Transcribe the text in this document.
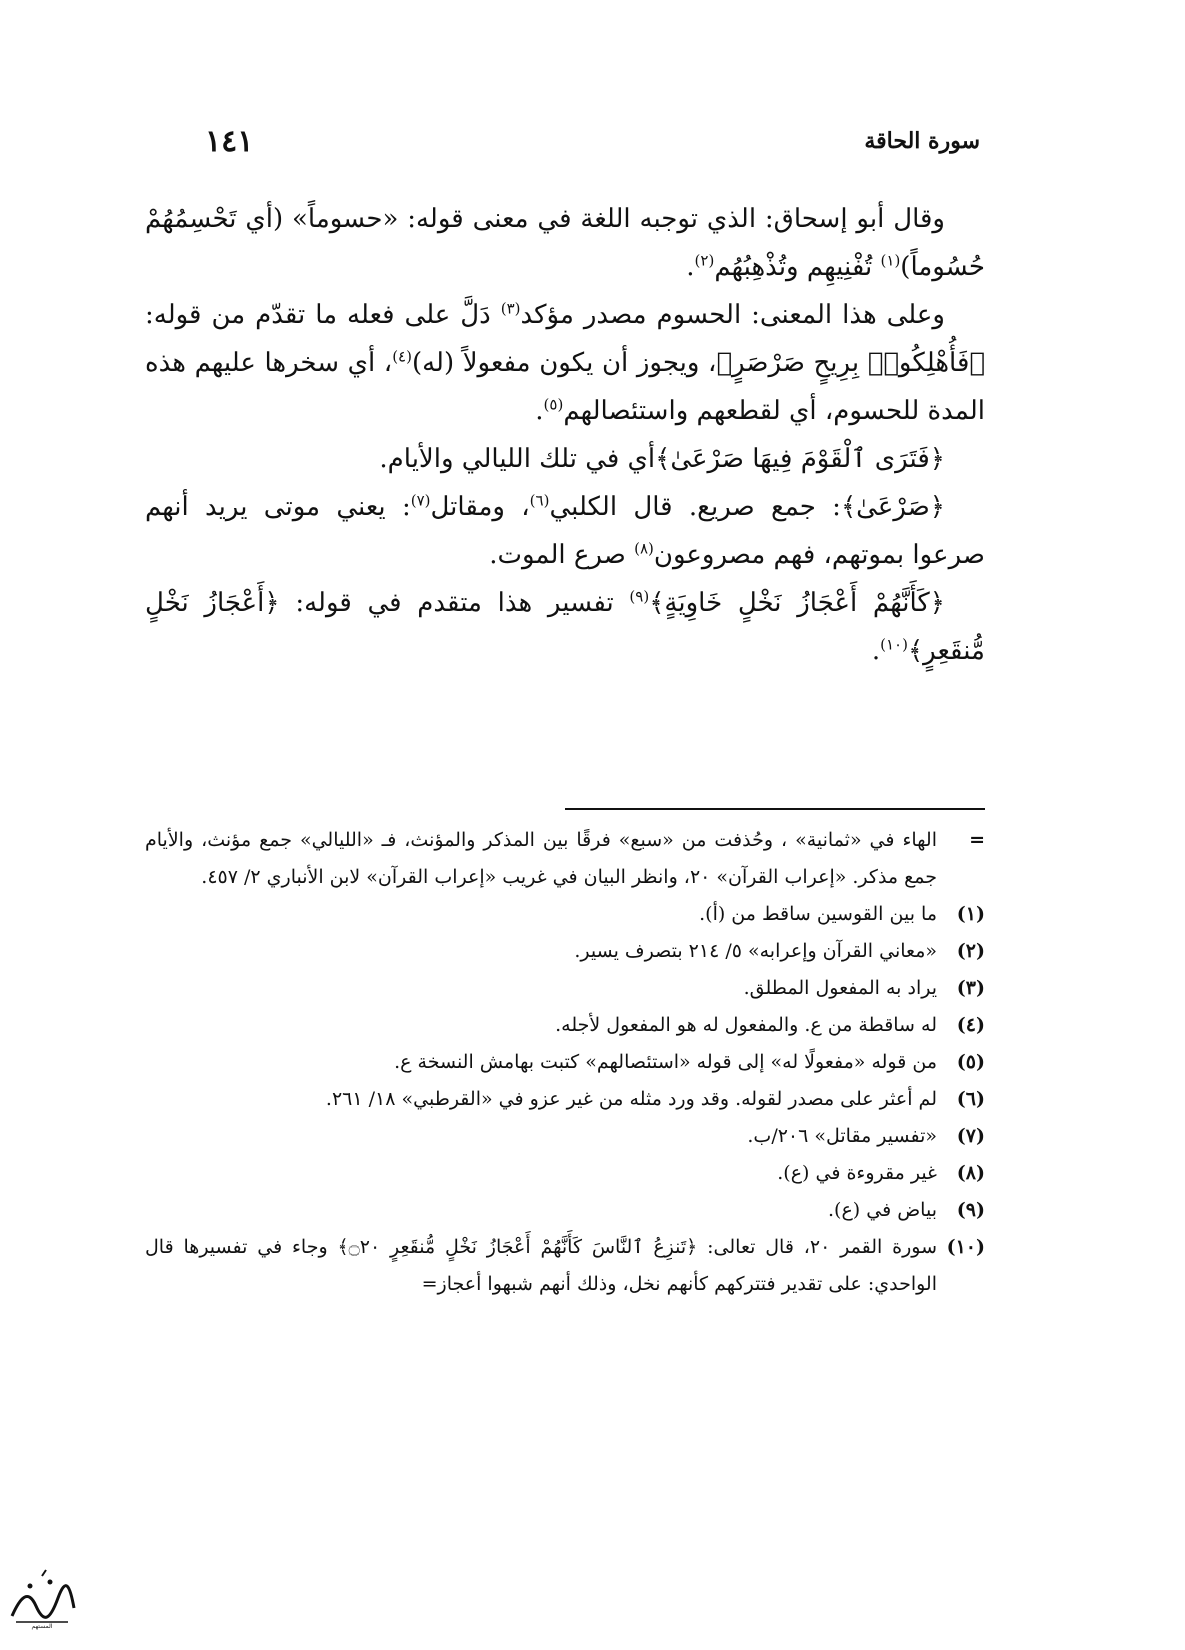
سورة الحاقة
١٤١

وقال أبو إسحاق: الذي توجبه اللغة في معنى قوله: «حسوماً» (أي تَحْسِمُهُمْ حُسُوماً)$^{(١)}$ تُفْنِيهِم وتُذْهِبُهُم$^{(٢)}$.

وعلى هذا المعنى: الحسوم مصدر مؤكد$^{(٣)}$ دَلَّ على فعله ما تقدّم من قوله: ﴿فَأُهْلِكُوا۟ بِرِيحٍ صَرْصَرٍ﴾، ويجوز أن يكون مفعولاً (له)$^{(٤)}$، أي سخرها عليهم هذه المدة للحسوم، أي لقطعهم واستئصالهم$^{(٥)}$.

﴿فَتَرَى ٱلْقَوْمَ فِيهَا صَرْعَىٰ﴾أي في تلك الليالي والأيام.

﴿صَرْعَىٰ﴾: جمع صريع. قال الكلبي$^{(٦)}$، ومقاتل$^{(٧)}$: يعني موتى يريد أنهم صرعوا بموتهم، فهم مصروعون$^{(٨)}$ صرع الموت.

﴿كَأَنَّهُمْ أَعْجَازُ نَخْلٍ خَاوِيَةٍ﴾$^{(٩)}$ تفسير هذا متقدم في قوله: ﴿أَعْجَازُ نَخْلٍ مُّنقَعِرٍ﴾$^{(١٠)}$.

=
الهاء في «ثمانية» ، وحُذفت من «سبع» فرقًا بين المذكر والمؤنث، فـ «الليالي» جمع مؤنث، والأيام جمع مذكر. «إعراب القرآن» ٢٠، وانظر البيان في غريب «إعراب القرآن» لابن الأنباري ٢/ ٤٥٧.
(١)
ما بين القوسين ساقط من (أ).
(٢)
«معاني القرآن وإعرابه» ٥/ ٢١٤ بتصرف يسير.
(٣)
يراد به المفعول المطلق.
(٤)
له ساقطة من ع. والمفعول له هو المفعول لأجله.
(٥)
من قوله «مفعولًا له» إلى قوله «استئصالهم» كتبت بهامش النسخة ع.
(٦)
لم أعثر على مصدر لقوله. وقد ورد مثله من غير عزو في «القرطبي» ١٨/ ٢٦١.
(٧)
«تفسير مقاتل» ٢٠٦/ب.
(٨)
غير مقروءة في (ع).
(٩)
بياض في (ع).
(١٠)
سورة القمر ٢٠، قال تعالى: ﴿تَنزِعُ ٱلنَّاسَ كَأَنَّهُمْ أَعْجَازُ نَخْلٍ مُّنقَعِرٍ ۝٢٠﴾ وجاء في تفسيرها قال الواحدي: على تقدير فتتركهم كأنهم نخل، وذلك أنهم شبهوا أعجاز=
المستهم
